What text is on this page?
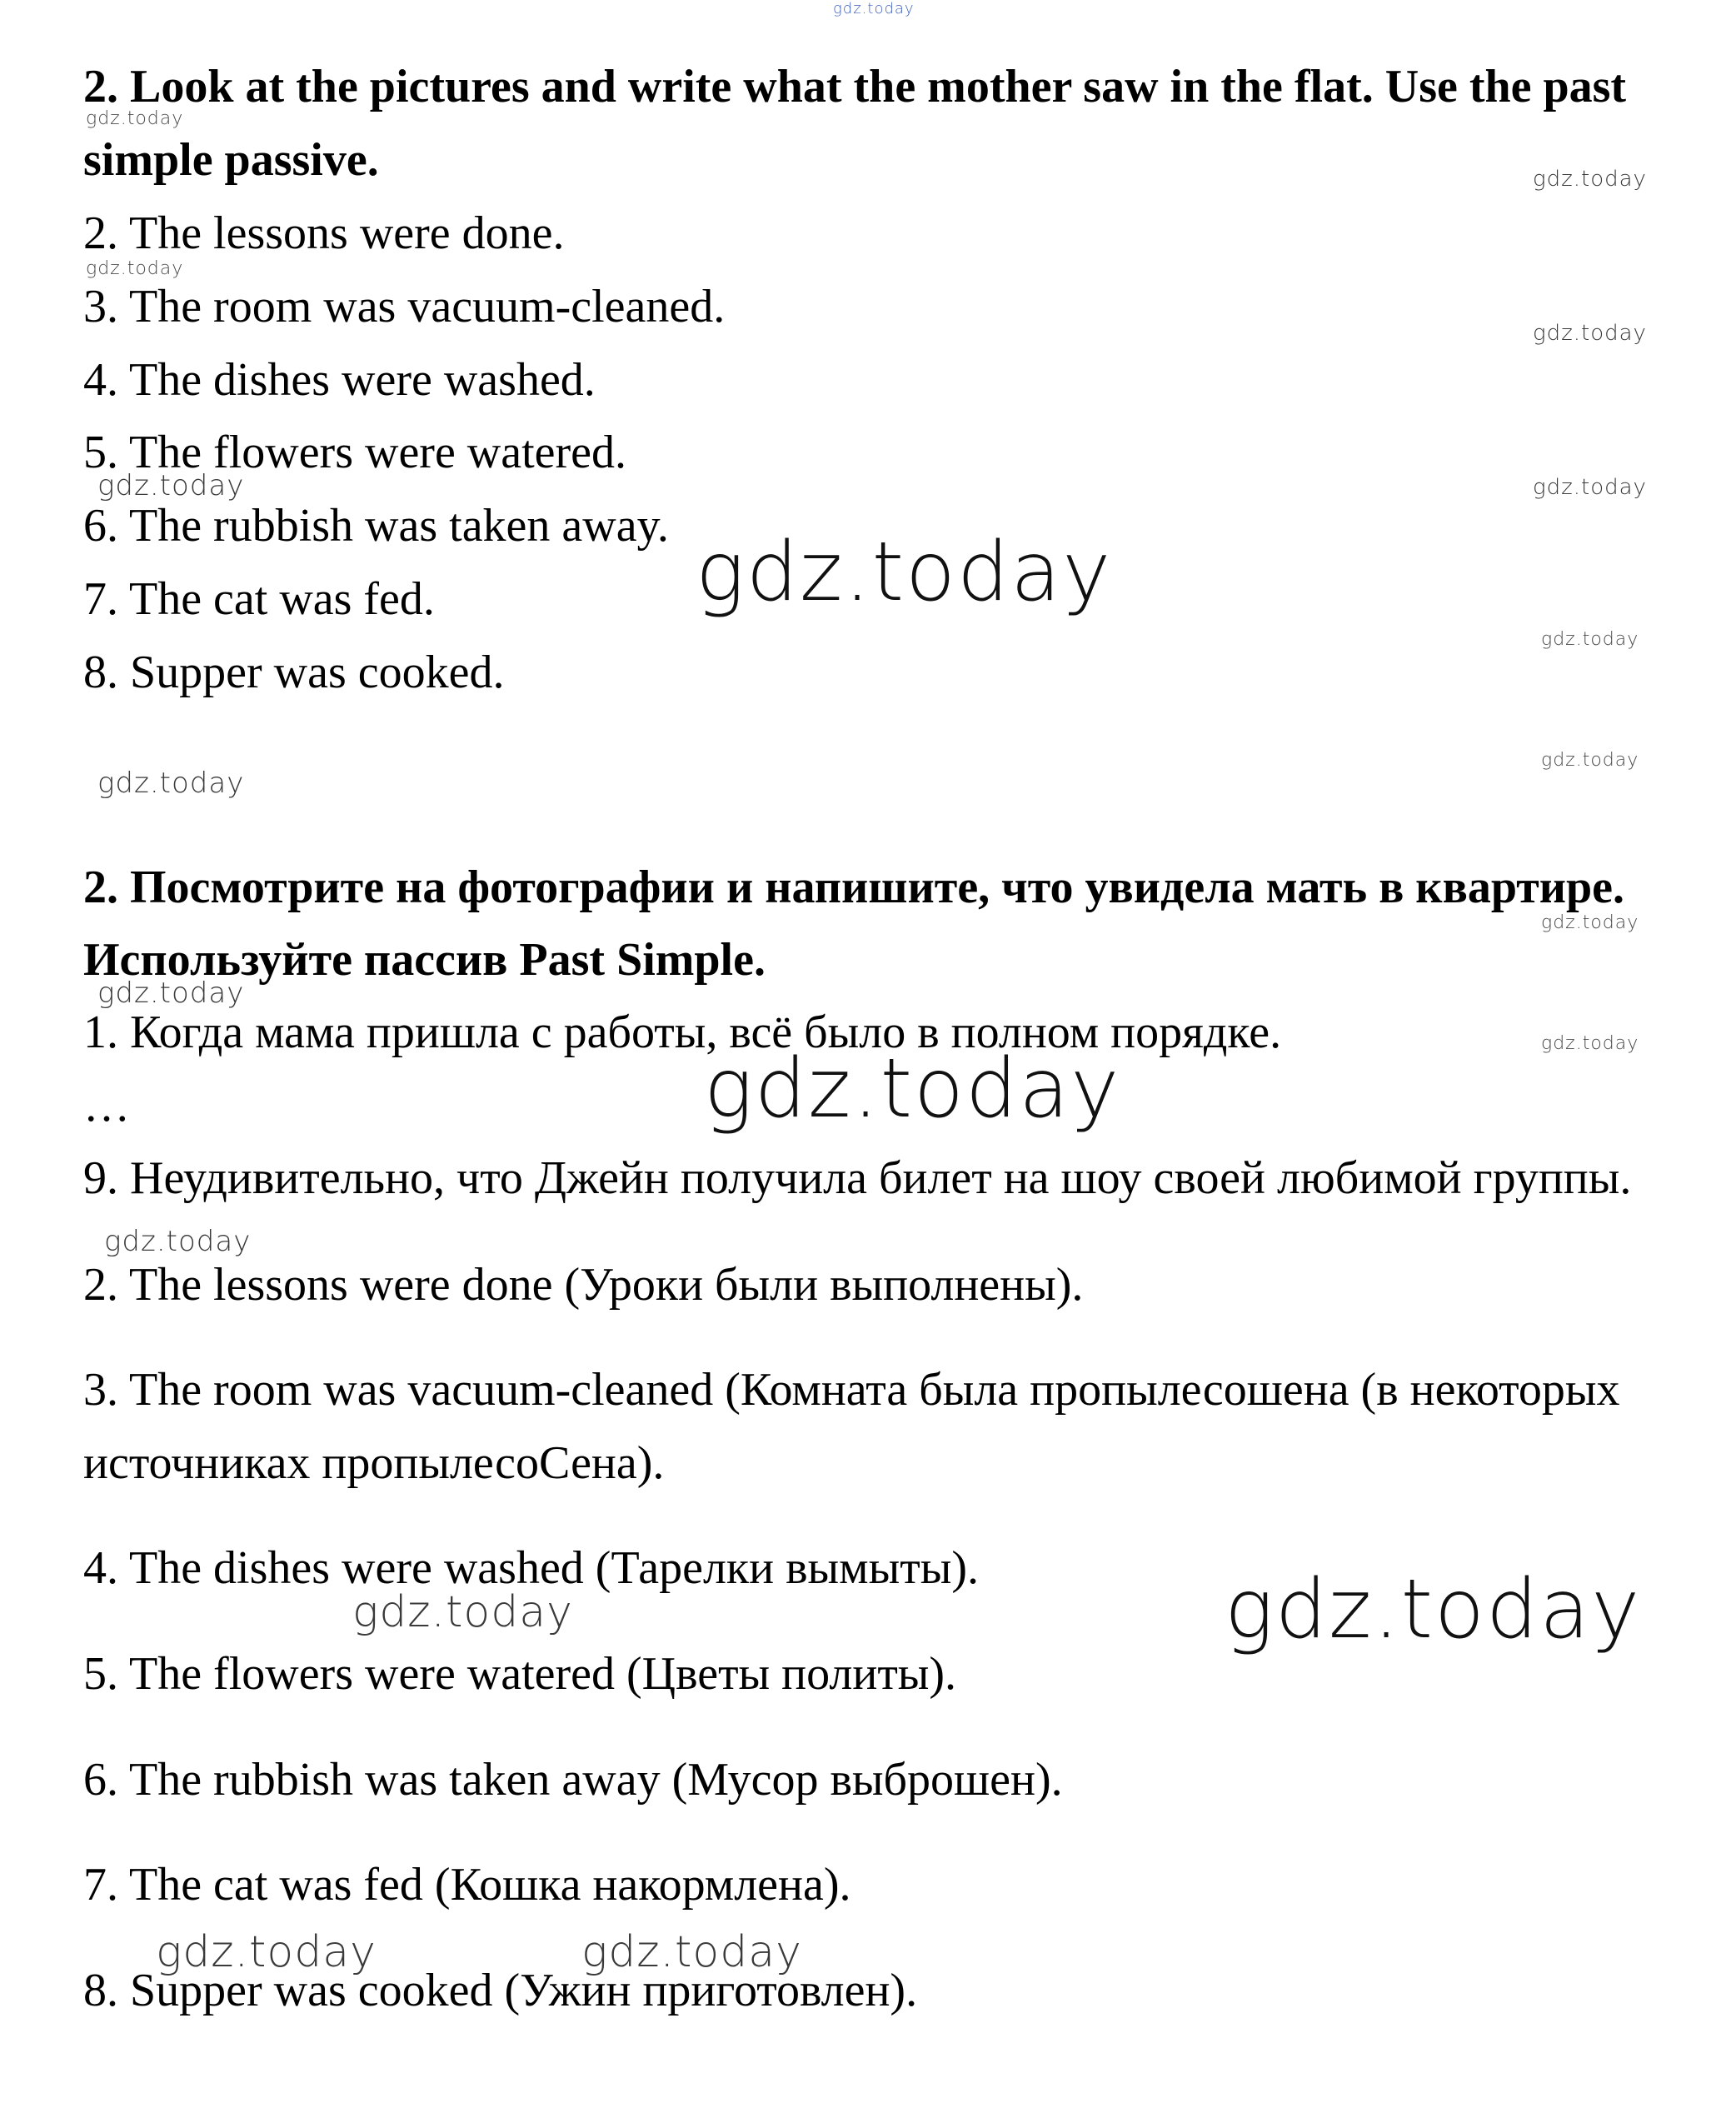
gdz.today
gdz.today
gdz.today
gdz.today
gdz.today
gdz.today	gdz.today
gdz.today
gdz.today
gdz.today
gdz.today
gdz.today
gdz.today
gdz.today
gdz.today
gdz.today
gdz.today	gdz.today
gdz.today	gdz.today

2. Look at the pictures and write what the mother saw in the flat. Use the past

simple passive.

2. The lessons were done.

3. The room was vacuum-cleaned.

4. The dishes were washed.

5. The flowers were watered.

6. The rubbish was taken away.

7. The cat was fed.

8. Supper was cooked.

2. Посмотрите на фотографии и напишите, что увидела мать в квартире.

Используйте пассив Past Simple.

1. Когда мама пришла с работы, всё было в полном порядке.

…

9. Неудивительно, что Джейн получила билет на шоу своей любимой группы.

2. The lessons were done (Уроки были выполнены).

3. The room was vacuum-cleaned (Комната была пропылесошена (в некоторых

источниках пропылесоСена).

4. The dishes were washed (Тарелки вымыты).

5. The flowers were watered (Цветы политы).

6. The rubbish was taken away (Мусор выброшен).

7. The cat was fed (Кошка накормлена).

8. Supper was cooked (Ужин приготовлен).
